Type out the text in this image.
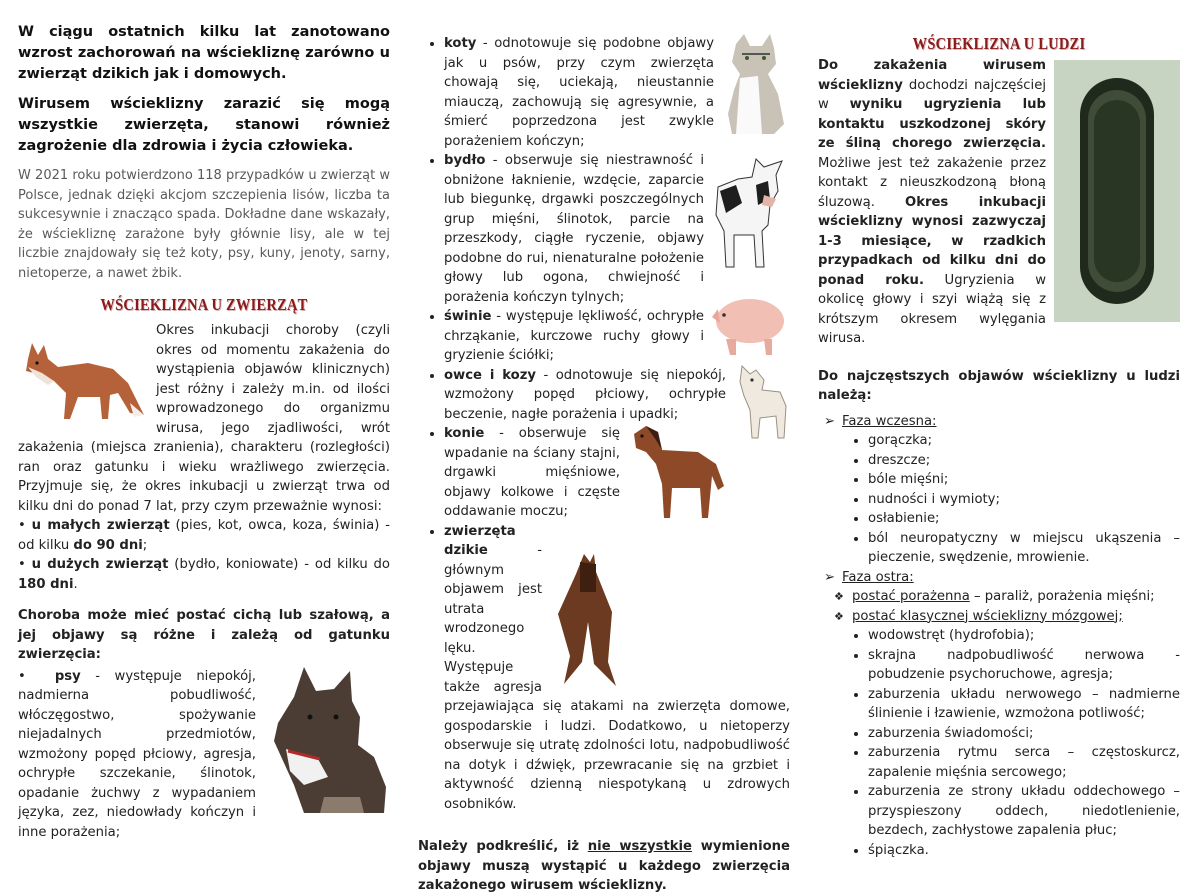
W ciągu ostatnich kilku lat zanotowano wzrost zachorowań na wściekliznę zarówno u zwierząt dzikich jak i domowych.

Wirusem wścieklizny zarazić się mogą wszystkie zwierzęta, stanowi również zagrożenie dla zdrowia i życia człowieka.

W 2021 roku potwierdzono 118 przypadków u zwierząt w Polsce, jednak dzięki akcjom szczepienia lisów, liczba ta sukcesywnie i znacząco spada. Dokładne dane wskazały, że wściekliznę zarażone były głównie lisy, ale w tej liczbie znajdowały się też koty, psy, kuny, jenoty, sarny, nietoperze, a nawet żbik.

WŚCIEKLIZNA U ZWIERZĄT
Okres inkubacji choroby (czyli okres od momentu zakażenia do wystąpienia objawów klinicznych) jest różny i zależy m.in. od ilości wprowadzonego do organizmu wirusa, jego zjadliwości, wrót zakażenia (miejsca zranienia), charakteru (rozległości) ran oraz gatunku i wieku wrażliwego zwierzęcia. Przyjmuje się, że okres inkubacji u zwierząt trwa od kilku dni do ponad 7 lat, przy czym przeważnie wynosi:
• u małych zwierząt (pies, kot, owca, koza, świnia) - od kilku do 90 dni;
• u dużych zwierząt (bydło, koniowate) - od kilku do 180 dni.

Choroba może mieć postać cichą lub szałową, a jej objawy są różne i zależą od gatunku zwierzęcia:

•  psy - występuje niepokój, nadmierna pobudliwość, włóczęgostwo, spożywanie niejadalnych przedmiotów, wzmożony popęd płciowy, agresja, ochrypłe szczekanie, ślinotok, opadanie żuchwy z wypadaniem języka, zez, niedowłady kończyn i inne porażenia;
• koty - odnotowuje się podobne objawy jak u psów, przy czym zwierzęta chowają się, uciekają, nieustannie miauczą, zachowują się agresywnie, a śmierć poprzedzona jest zwykle porażeniem kończyn;
• bydło - obserwuje się niestrawność i obniżone łaknienie, wzdęcie, zaparcie lub biegunkę, drgawki poszczególnych grup mięśni, ślinotok, parcie na przeszkody, ciągłe ryczenie, objawy podobne do rui, nienaturalne położenie głowy lub ogona, chwiejność i porażenia kończyn tylnych;
• świnie - występuje lękliwość, ochrypłe chrząkanie, kurczowe ruchy głowy i gryzienie ściółki;
• owce i kozy - odnotowuje się niepokój, wzmożony popęd płciowy, ochrypłe beczenie, nagłe porażenia i upadki;
• konie - obserwuje się wpadanie na ściany stajni, drgawki mięśniowe, objawy kolkowe i częste oddawanie moczu;
• zwierzęta dzikie - głównym objawem jest utrata wrodzonego lęku. Występuje także agresja przejawiająca się atakami na zwierzęta domowe, gospodarskie i ludzi. Dodatkowo, u nietoperzy obserwuje się utratę zdolności lotu, nadpobudliwość na dotyk i dźwięk, przewracanie się na grzbiet i aktywność dzienną niespotykaną u zdrowych osobników.

Należy podkreślić, iż nie wszystkie wymienione objawy muszą wystąpić u każdego zwierzęcia zakażonego wirusem wścieklizny.

WŚCIEKLIZNA U LUDZI
Do zakażenia wirusem wścieklizny dochodzi najczęściej w wyniku ugryzienia lub kontaktu uszkodzonej skóry ze śliną chorego zwierzęcia. Możliwe jest też zakażenie przez kontakt z nieuszkodzoną błoną śluzową. Okres inkubacji wścieklizny wynosi zazwyczaj 1-3 miesiące, w rzadkich przypadkach od kilku dni do ponad roku. Ugryzienia w okolicę głowy i szyi wiążą się z krótszym okresem wylęgania wirusa.

Do najczęstszych objawów wścieklizny u ludzi należą:

➢ Faza wczesna:
• gorączka;
• dreszcze;
• bóle mięśni;
• nudności i wymioty;
• osłabienie;
• ból neuropatyczny w miejscu ukąszenia – pieczenie, swędzenie, mrowienie.
➢ Faza ostra:
❖ postać porażenna – paraliż, porażenia mięśni;
❖ postać klasycznej wścieklizny mózgowej;
• wodowstręt (hydrofobia);
• skrajna nadpobudliwość nerwowa - pobudzenie psychoruchowe, agresja;
• zaburzenia układu nerwowego – nadmierne ślinienie i łzawienie, wzmożona potliwość;
• zaburzenia świadomości;
• zaburzenia rytmu serca – częstoskurcz, zapalenie mięśnia sercowego;
• zaburzenia ze strony układu oddechowego – przyspieszony oddech, niedotlenienie, bezdech, zachłystowe zapalenia płuc;
• śpiączka.
